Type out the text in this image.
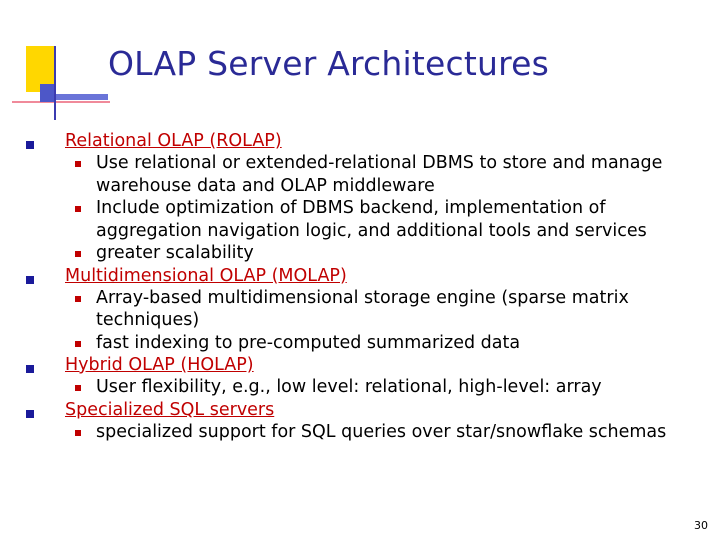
OLAP Server Architectures
Relational OLAP (ROLAP)
Use relational or extended-relational DBMS to store and manage warehouse data and OLAP middleware
Include optimization of DBMS backend, implementation of aggregation navigation logic, and additional tools and services
greater scalability
Multidimensional OLAP (MOLAP)
Array-based multidimensional storage engine (sparse matrix techniques)
fast indexing to pre-computed summarized data
Hybrid OLAP (HOLAP)
User flexibility, e.g., low level: relational, high-level: array
Specialized SQL servers
specialized support for SQL queries over star/snowflake schemas
30
